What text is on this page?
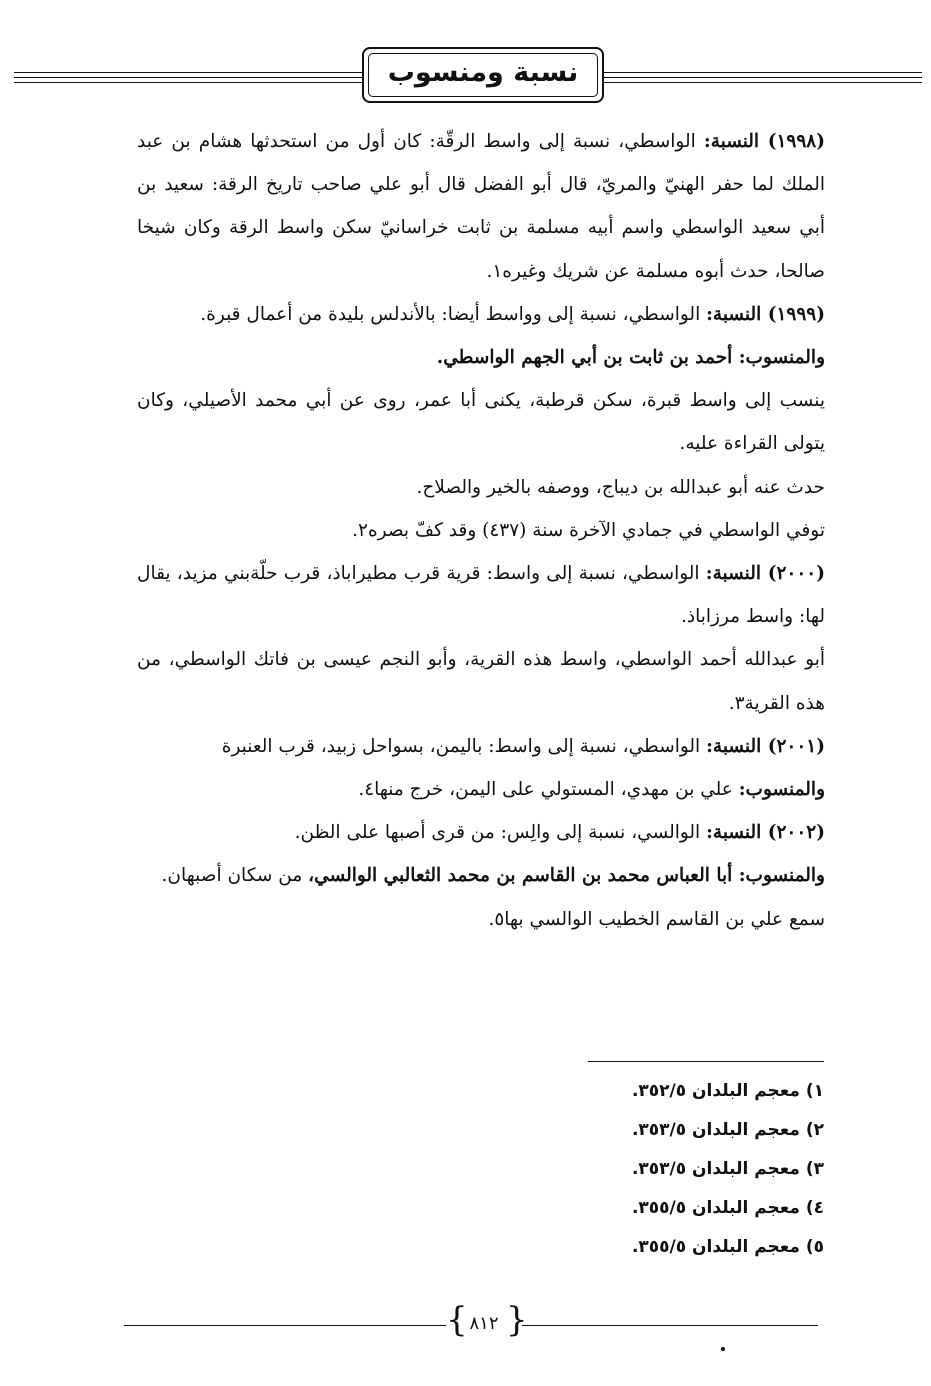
نسبة ومنسوب

(١٩٩٨) النسبة: الواسطي، نسبة إلى واسط الرقّة: كان أول من استحدثها هشام بن عبد الملك لما حفر الهنيّ والمريّ، قال أبو الفضل قال أبو علي صاحب تاريخ الرقة: سعيد بن أبي سعيد الواسطي واسم أبيه مسلمة بن ثابت خراسانيّ سكن واسط الرقة وكان شيخا صالحا، حدث أبوه مسلمة عن شريك وغيره١.

(١٩٩٩) النسبة: الواسطي، نسبة إلى وواسط أيضا: بالأندلس بليدة من أعمال قبرة.

والمنسوب: أحمد بن ثابت بن أبي الجهم الواسطي.

ينسب إلى واسط قبرة، سكن قرطبة، يكنى أبا عمر، روى عن أبي محمد الأصيلي، وكان يتولى القراءة عليه.

حدث عنه أبو عبدالله بن ديباج، ووصفه بالخير والصلاح.

توفي الواسطي في جمادي الآخرة سنة (٤٣٧) وقد كفّ بصره٢.

(٢٠٠٠) النسبة: الواسطي، نسبة إلى واسط: قرية قرب مطيراباذ، قرب حلّةبني مزيد، يقال لها: واسط مرزاباذ.

أبو عبدالله أحمد الواسطي، واسط هذه القرية، وأبو النجم عيسى بن فاتك الواسطي، من هذه القرية٣.

(٢٠٠١) النسبة: الواسطي، نسبة إلى واسط: باليمن، بسواحل زبيد، قرب العنبرة

والمنسوب: علي بن مهدي، المستولي على اليمن، خرج منها٤.

(٢٠٠٢) النسبة: الوالسي، نسبة إلى والِس: من قرى أصبها على الظن.

والمنسوب: أبا العباس محمد بن القاسم بن محمد الثعالبي الوالسي، من سكان أصبهان.

سمع علي بن القاسم الخطيب الوالسي بها٥.

١) معجم البلدان ٣٥٢/٥.

٢) معجم البلدان ٣٥٣/٥.

٣) معجم البلدان ٣٥٣/٥.

٤) معجم البلدان ٣٥٥/٥.

٥) معجم البلدان ٣٥٥/٥.

{ ٨١٢ }
